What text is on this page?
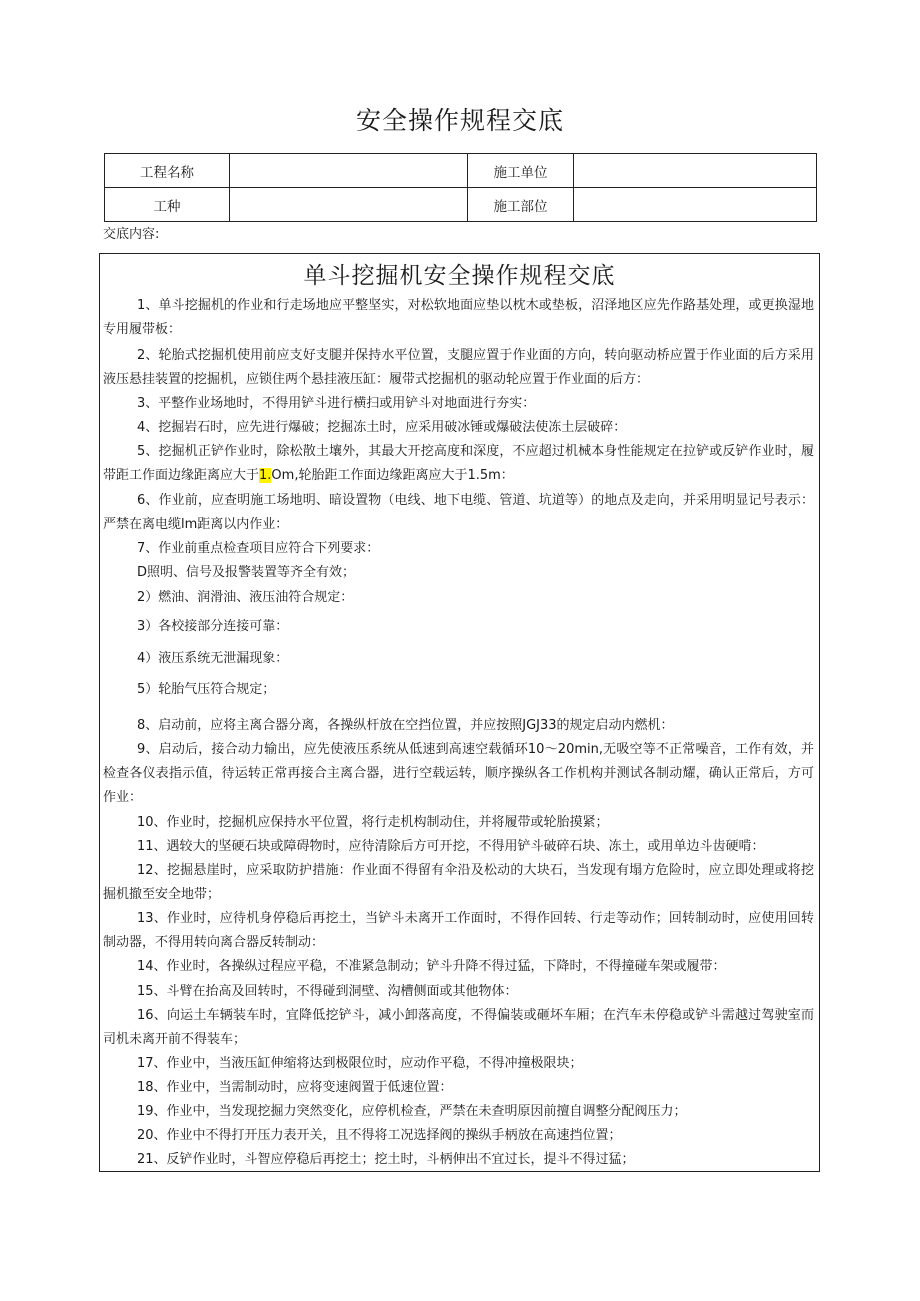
安全操作规程交底
工程名称		施工单位	
工种		施工部位	
交底内容:
单斗挖掘机安全操作规程交底
1、单斗挖掘机的作业和行走场地应平整坚实，对松软地面应垫以枕木或垫板，沼泽地区应先作路基处理，或更换湿地专用履带板：
2、轮胎式挖掘机使用前应支好支腿并保持水平位置，支腿应置于作业面的方向，转向驱动桥应置于作业面的后方采用液压悬挂装置的挖掘机，应锁住两个悬挂液压缸：履带式挖掘机的驱动轮应置于作业面的后方：
3、平整作业场地时，不得用铲斗进行横扫或用铲斗对地面进行夯实：
4、挖掘岩石时，应先进行爆破；挖掘冻土时，应采用破冰锤或爆破法使冻土层破碎：
5、挖掘机正铲作业时，除松散土壤外，其最大开挖高度和深度，不应超过机械本身性能规定在拉铲或反铲作业时，履带距工作面边缘距离应大于1.Om,轮胎距工作面边缘距离应大于1.5m：
6、作业前，应查明施工场地明、暗设置物（电线、地下电缆、管道、坑道等）的地点及走向，并采用明显记号表示：严禁在离电缆lm距离以内作业：
7、作业前重点检查项目应符合下列要求：
D照明、信号及报警装置等齐全有效；
2）燃油、润滑油、液压油符合规定：
3）各校接部分连接可靠：
4）液压系统无泄漏现象：
5）轮胎气压符合规定；
8、启动前，应将主离合器分离，各操纵杆放在空挡位置，并应按照JGJ33的规定启动内燃机：
9、启动后，接合动力输出，应先使液压系统从低速到高速空载循环10～20min,无吸空等不正常噪音，工作有效，并检查各仪表指示值，待运转正常再接合主离合器，进行空载运转，顺序操纵各工作机构并测试各制动耀，确认正常后，方可作业：
10、作业时，挖掘机应保持水平位置，将行走机构制动住，并将履带或轮胎摸紧；
11、遇较大的坚硬石块或障碍物时，应待清除后方可开挖，不得用铲斗破碎石块、冻土，或用单边斗齿硬啃：
12、挖掘悬崖时，应采取防护措施：作业面不得留有伞沿及松动的大块石，当发现有塌方危险时，应立即处理或将挖掘机撤至安全地带；
13、作业时，应待机身停稳后再挖土，当铲斗未离开工作面时，不得作回转、行走等动作；回转制动时，应使用回转制动器，不得用转向离合器反转制动：
14、作业时，各操纵过程应平稳，不准紧急制动；铲斗升降不得过猛，下降时，不得撞碰车架或履带：
15、斗臂在抬高及回转时，不得碰到洞壁、沟槽侧面或其他物体：
16、向运土车辆装车时，宜降低挖铲斗，减小卸落高度，不得偏装或砸坏车厢；在汽车未停稳或铲斗需越过驾驶室而司机未离开前不得装车；
17、作业中，当液压缸伸缩将达到极限位时，应动作平稳，不得冲撞极限块；
18、作业中，当需制动时，应将变速阀置于低速位置：
19、作业中，当发现挖掘力突然变化，应停机检查，严禁在未查明原因前擅自调整分配阀压力；
20、作业中不得打开压力表开关，且不得将工况选择阀的操纵手柄放在高速挡位置；
21、反铲作业时，斗智应停稳后再挖土；挖土时，斗柄伸出不宜过长，提斗不得过猛；
